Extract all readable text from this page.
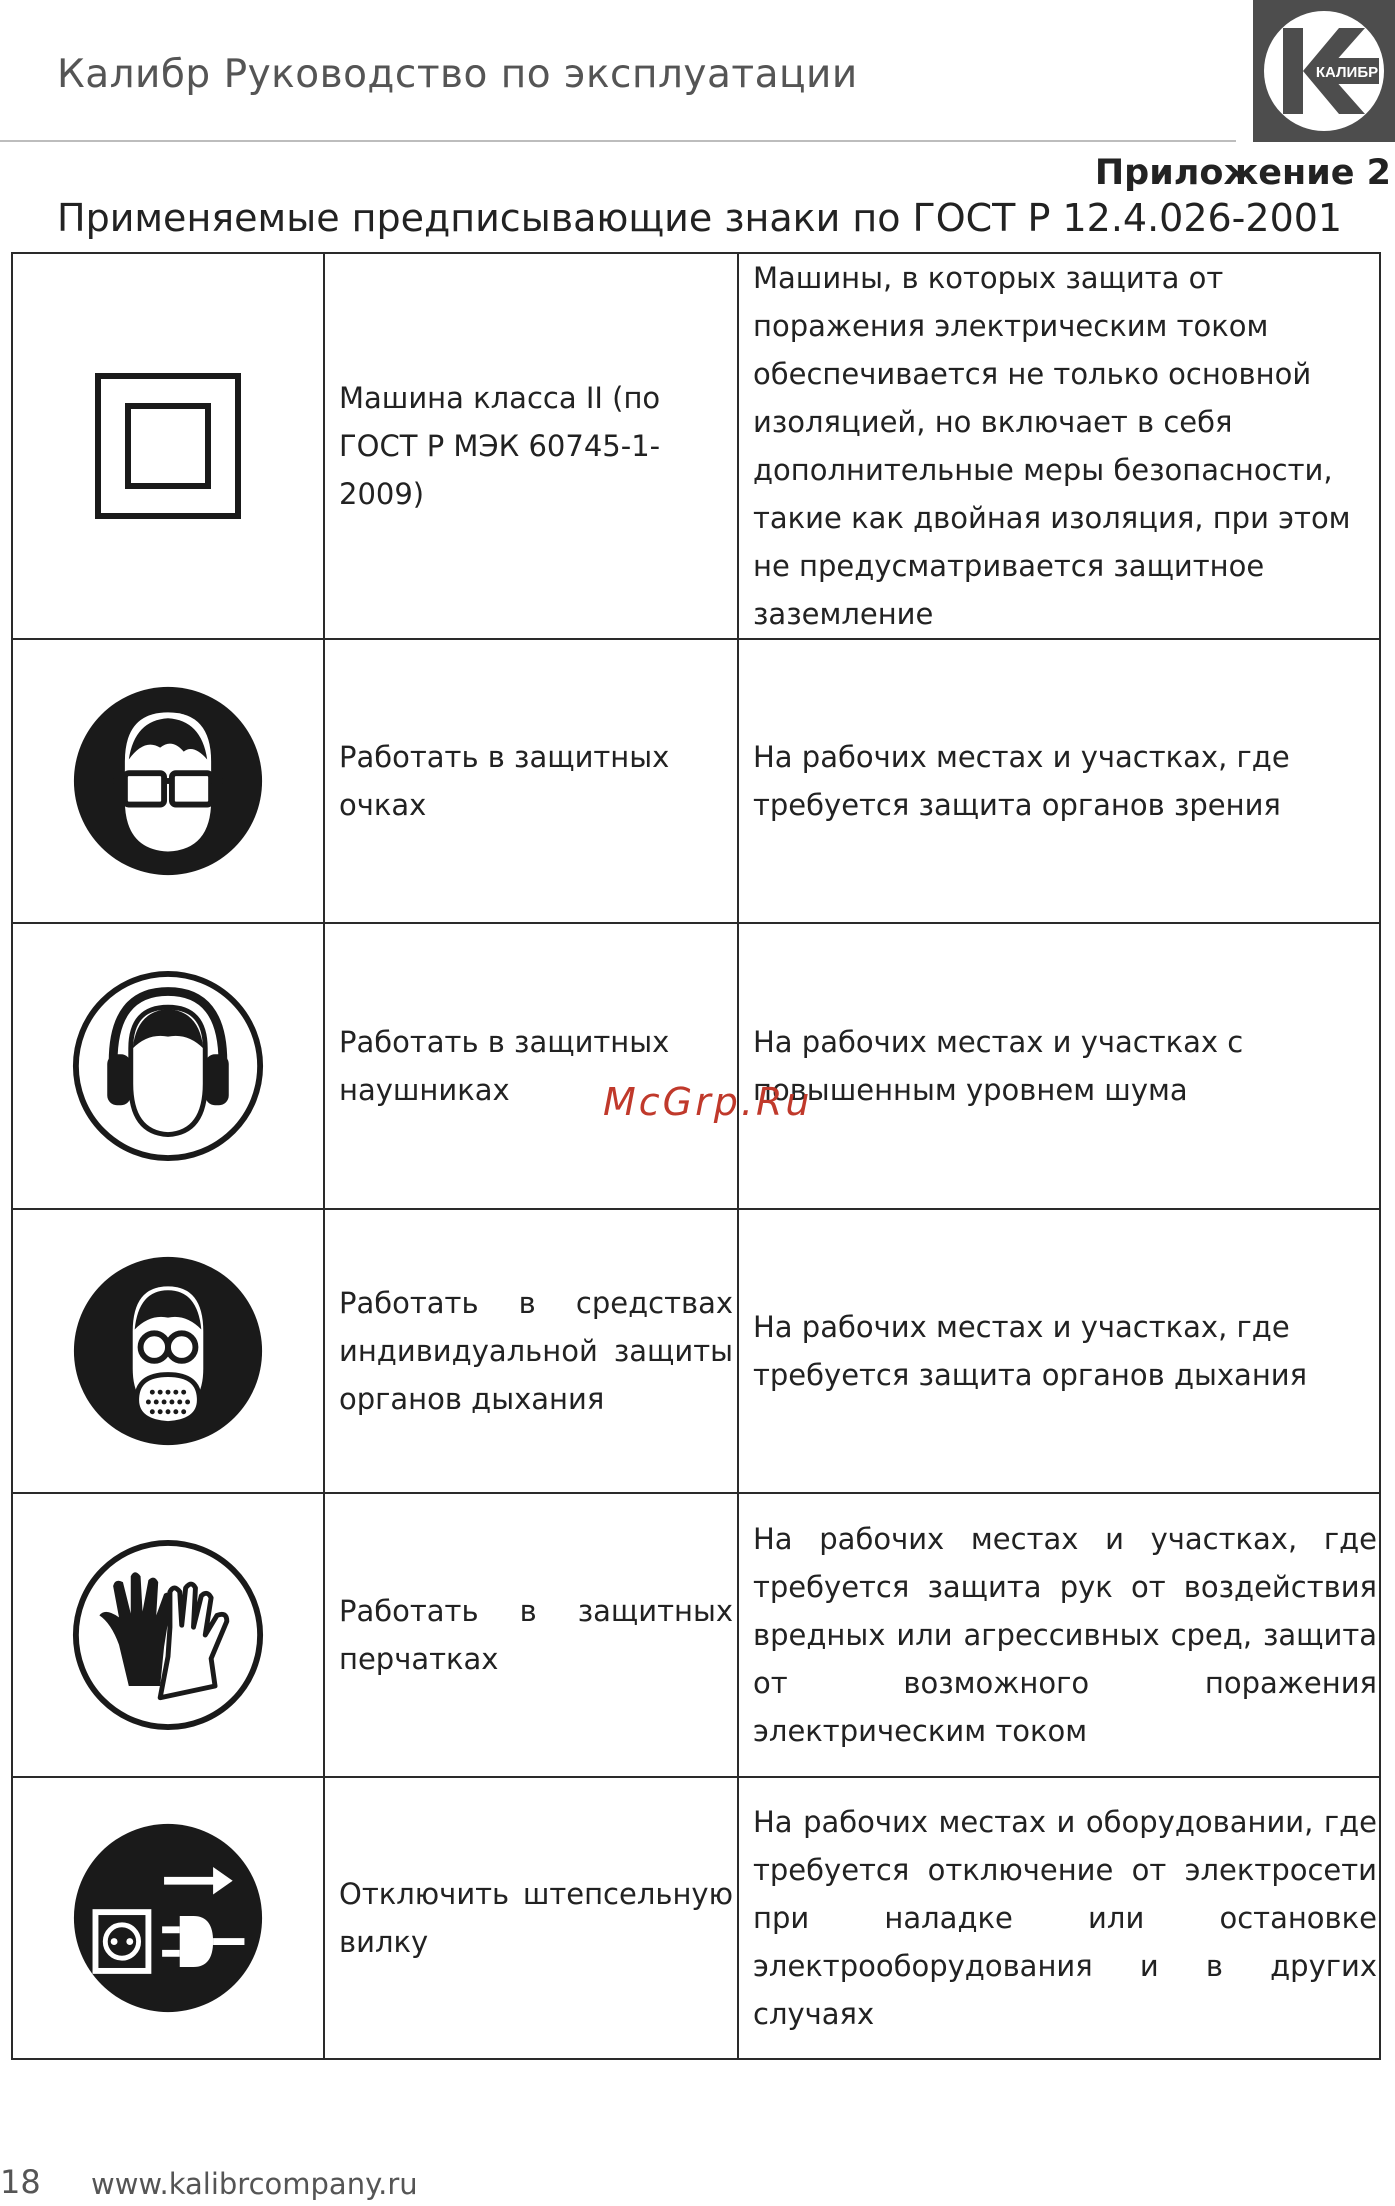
Калибр Руководство по эксплуатации	КАЛИБР
Приложение 2
Применяемые предписывающие знаки по ГОСТ Р 12.4.026-2001
	Машина класса II (по ГОСТ Р МЭК 60745-1-2009)	Машины, в которых защита от поражения электрическим током обеспечивается не только основной изоляцией, но включает в себя дополнительные меры безопасности, такие как двойная изоляция, при этом не предусматривается защитное заземление

	Работать в защитных очках	На рабочих местах и участках, где требуется защита органов зрения

	Работать в защитных наушниках	На рабочих местах и участках с повышенным уровнем шума

	Работать в средствах индивидуальной защиты органов дыхания	На рабочих местах и участках, где требуется защита органов дыхания

	Работать в защитных перчатках	На рабочих местах и участках, где требуется защита рук от воздействия вредных или агрессивных сред, защита от возможного поражения электрическим током

	Отключить штепсельную вилку	На рабочих местах и оборудовании, где требуется отключение от электросети при наладке или остановке электрооборудования и в других случаях
McGrp.Ru
18 www.kalibrcompany.ru
